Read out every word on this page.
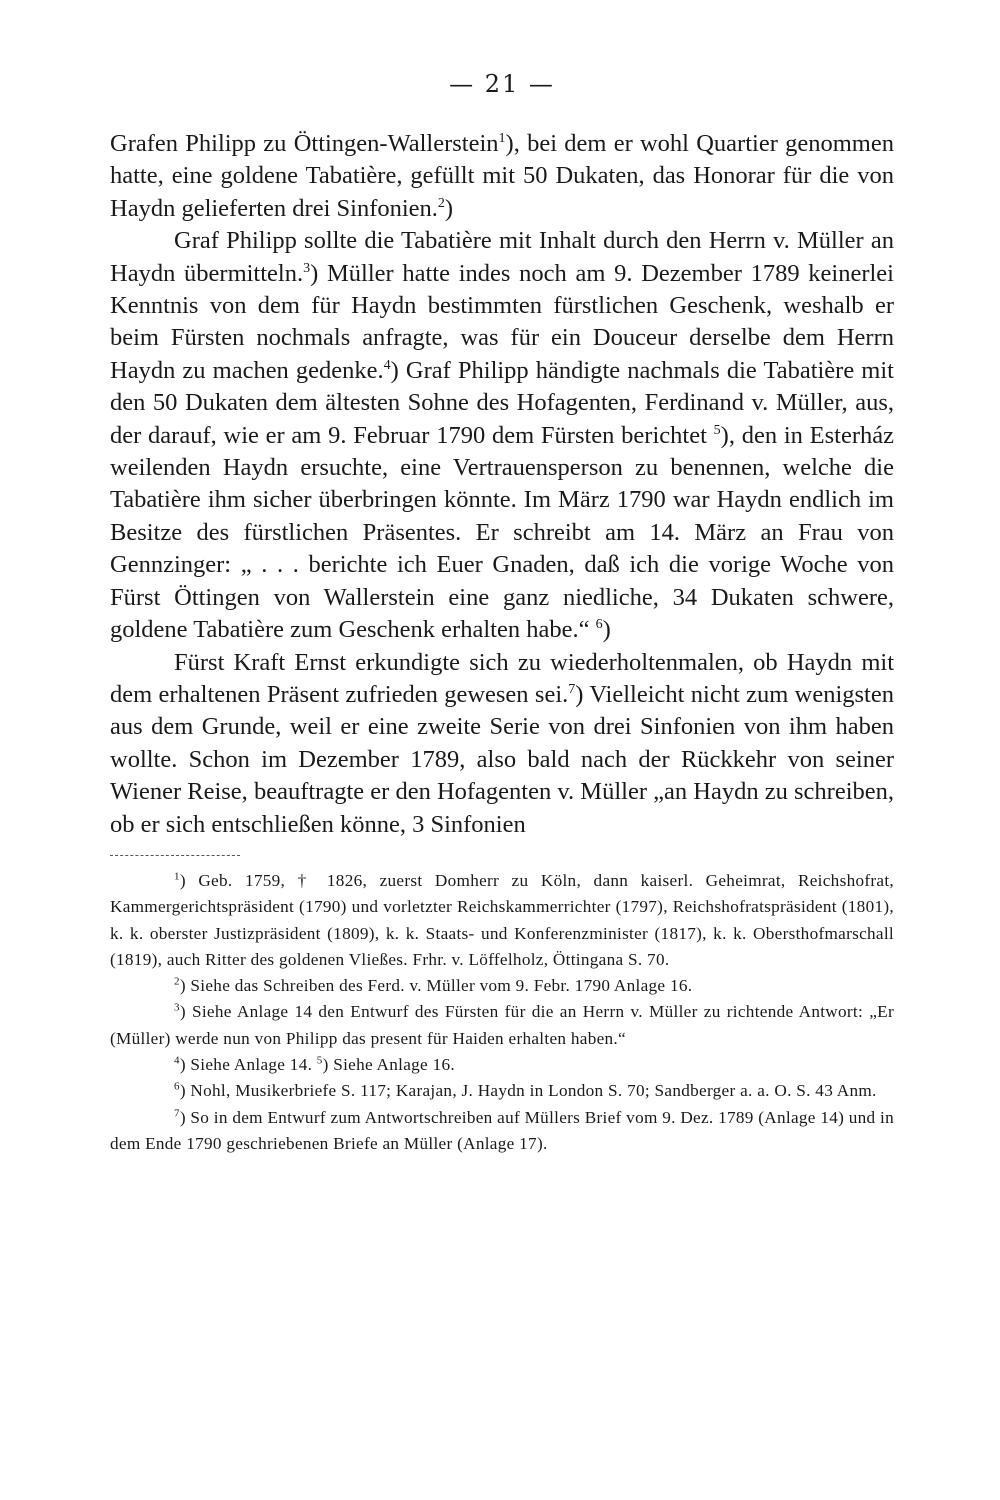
— 21 —

Grafen Philipp zu Öttingen-Wallerstein$^1$), bei dem er wohl Quartier genommen hatte, eine goldene Tabatière, gefüllt mit 50 Dukaten, das Honorar für die von Haydn gelieferten drei Sinfonien.$^2$)

Graf Philipp sollte die Tabatière mit Inhalt durch den Herrn v. Müller an Haydn übermitteln.$^3$) Müller hatte indes noch am 9. Dezember 1789 keinerlei Kenntnis von dem für Haydn bestimmten fürstlichen Geschenk, weshalb er beim Fürsten nochmals anfragte, was für ein Douceur derselbe dem Herrn Haydn zu machen gedenke.$^4$) Graf Philipp händigte nachmals die Tabatière mit den 50 Dukaten dem ältesten Sohne des Hofagenten, Ferdinand v. Müller, aus, der darauf, wie er am 9. Februar 1790 dem Fürsten berichtet $^5$), den in Esterház weilenden Haydn ersuchte, eine Vertrauensperson zu benennen, welche die Tabatière ihm sicher überbringen könnte. Im März 1790 war Haydn endlich im Besitze des fürstlichen Präsentes. Er schreibt am 14. März an Frau von Gennzinger: „ . . . berichte ich Euer Gnaden, daß ich die vorige Woche von Fürst Öttingen von Wallerstein eine ganz niedliche, 34 Dukaten schwere, goldene Tabatière zum Geschenk erhalten habe.“ $^6$)

Fürst Kraft Ernst erkundigte sich zu wiederholtenmalen, ob Haydn mit dem erhaltenen Präsent zufrieden gewesen sei.$^7$) Vielleicht nicht zum wenigsten aus dem Grunde, weil er eine zweite Serie von drei Sinfonien von ihm haben wollte. Schon im Dezember 1789, also bald nach der Rückkehr von seiner Wiener Reise, beauftragte er den Hofagenten v. Müller „an Haydn zu schreiben, ob er sich entschließen könne, 3 Sinfonien

$^1$) Geb. 1759, † 1826, zuerst Domherr zu Köln, dann kaiserl. Geheimrat, Reichshofrat, Kammergerichtspräsident (1790) und vorletzter Reichskammerrichter (1797), Reichshofratspräsident (1801), k. k. oberster Justizpräsident (1809), k. k. Staats- und Konferenzminister (1817), k. k. Obersthofmarschall (1819), auch Ritter des goldenen Vließes. Frhr. v. Löffelholz, Öttingana S. 70.

$^2$) Siehe das Schreiben des Ferd. v. Müller vom 9. Febr. 1790 Anlage 16.

$^3$) Siehe Anlage 14 den Entwurf des Fürsten für die an Herrn v. Müller zu richtende Antwort: „Er (Müller) werde nun von Philipp das present für Haiden erhalten haben.“

$^4$) Siehe Anlage 14. $^5$) Siehe Anlage 16.

$^6$) Nohl, Musikerbriefe S. 117; Karajan, J. Haydn in London S. 70; Sandberger a. a. O. S. 43 Anm.

$^7$) So in dem Entwurf zum Antwortschreiben auf Müllers Brief vom 9. Dez. 1789 (Anlage 14) und in dem Ende 1790 geschriebenen Briefe an Müller (Anlage 17).
